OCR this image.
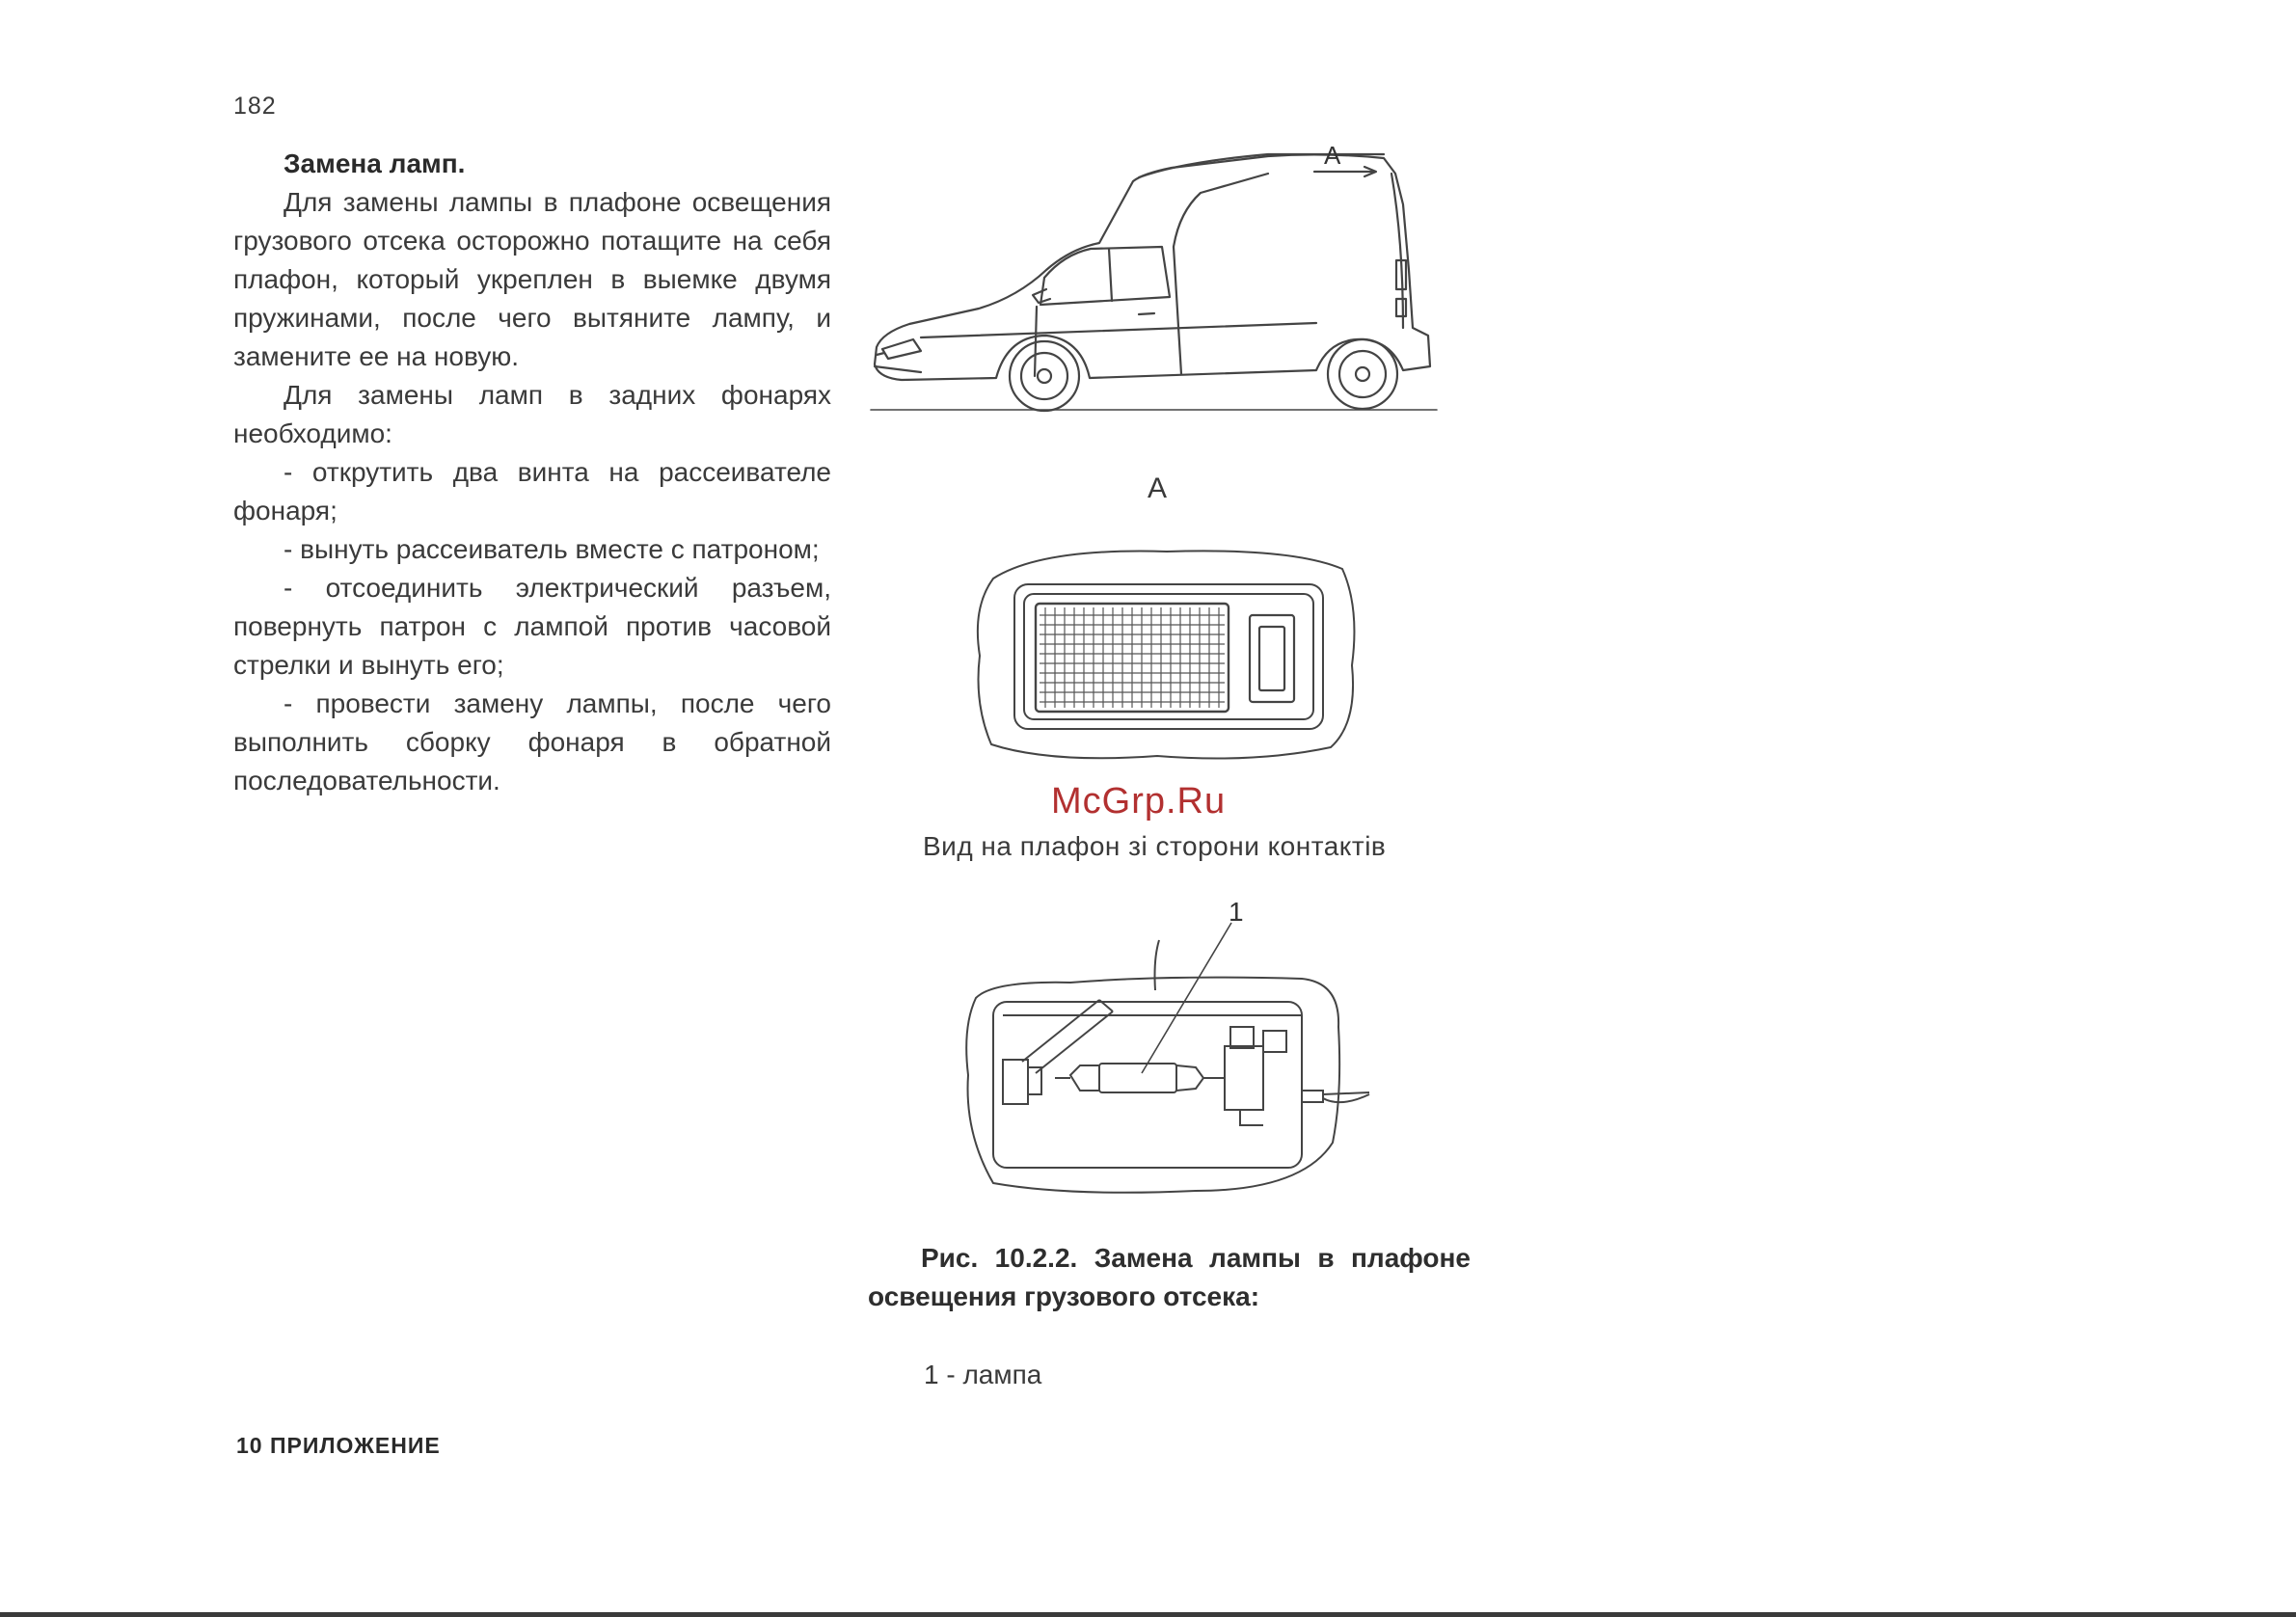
182

Замена ламп.

Для замены лампы в плафоне освещения грузового отсека осторожно потащите на себя плафон, который укреплен в выемке двумя пружинами, после чего вытяните лампу, и замените ее на новую.

Для замены ламп в задних фонарях необходимо:

- открутить два винта на рассеивателе фонаря;

- вынуть рассеиватель вместе с патроном;

- отсоединить электрический разъем, повернуть патрон с лампой против часовой стрелки и вынуть его;

- провести замену лампы, после чего выполнить сборку фонаря в обратной последовательности.

A
A
McGrp.Ru
Вид на плафон зі сторони контактів
1
Рис. 10.2.2. Замена лампы в плафоне освещения грузового отсека:
1 - лампа
10 ПРИЛОЖЕНИЕ
